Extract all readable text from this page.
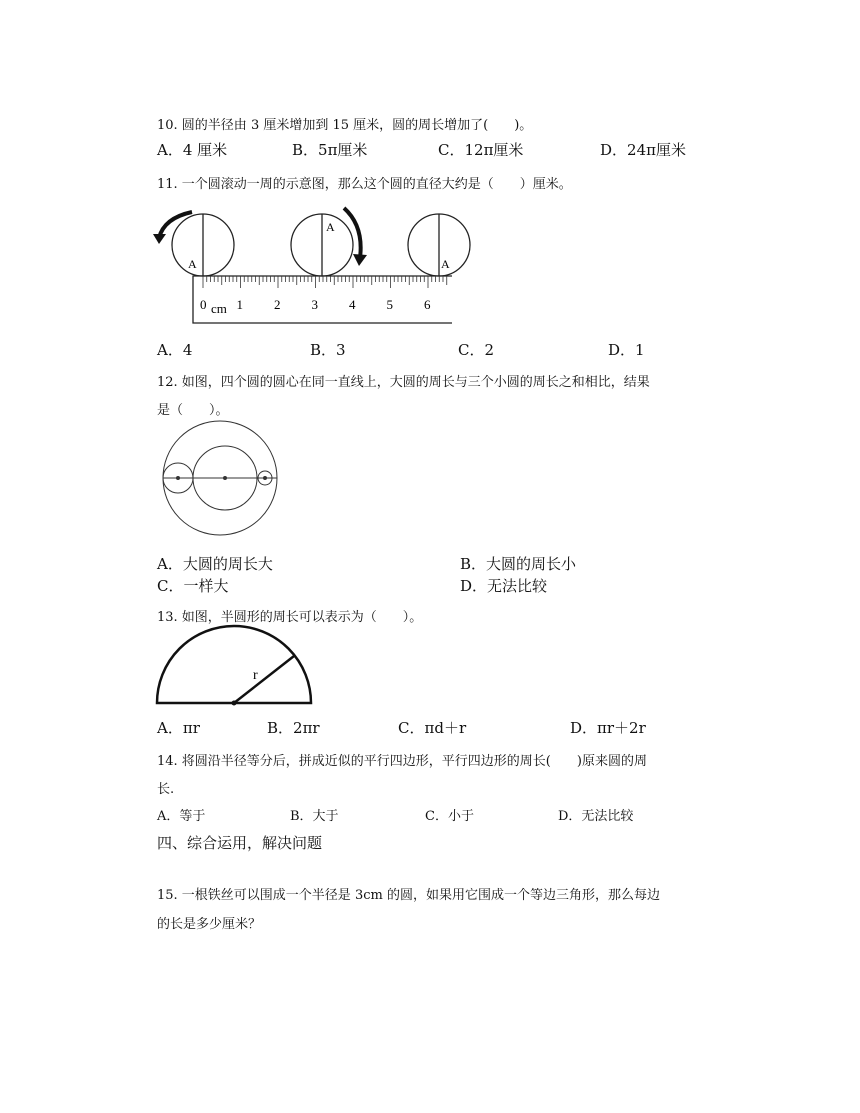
10. 圆的半径由 3 厘米增加到 15 厘米，圆的周长增加了(　　)。
A．4 厘米	B．5π厘米	C．12π厘米	D．24π厘米
11. 一个圆滚动一周的示意图，那么这个圆的直径大约是（　　）厘米。
A
A
A
0 1 2 3 4 5 6
cm
A．4	B．3	C．2	D．1
12. 如图，四个圆的圆心在同一直线上，大圆的周长与三个小圆的周长之和相比，结果
是（　　）。
A．大圆的周长大	B．大圆的周长小
C．一样大	D．无法比较
13. 如图，半圆形的周长可以表示为（　　）。
r
A．πr	B．2πr	C．πd＋r	D．πr＋2r
14. 将圆沿半径等分后，拼成近似的平行四边形，平行四边形的周长(　　)原来圆的周
长.
A．等于	B．大于	C．小于	D．无法比较
四、综合运用，解决问题
15. 一根铁丝可以围成一个半径是 3cm 的圆，如果用它围成一个等边三角形，那么每边
的长是多少厘米？
